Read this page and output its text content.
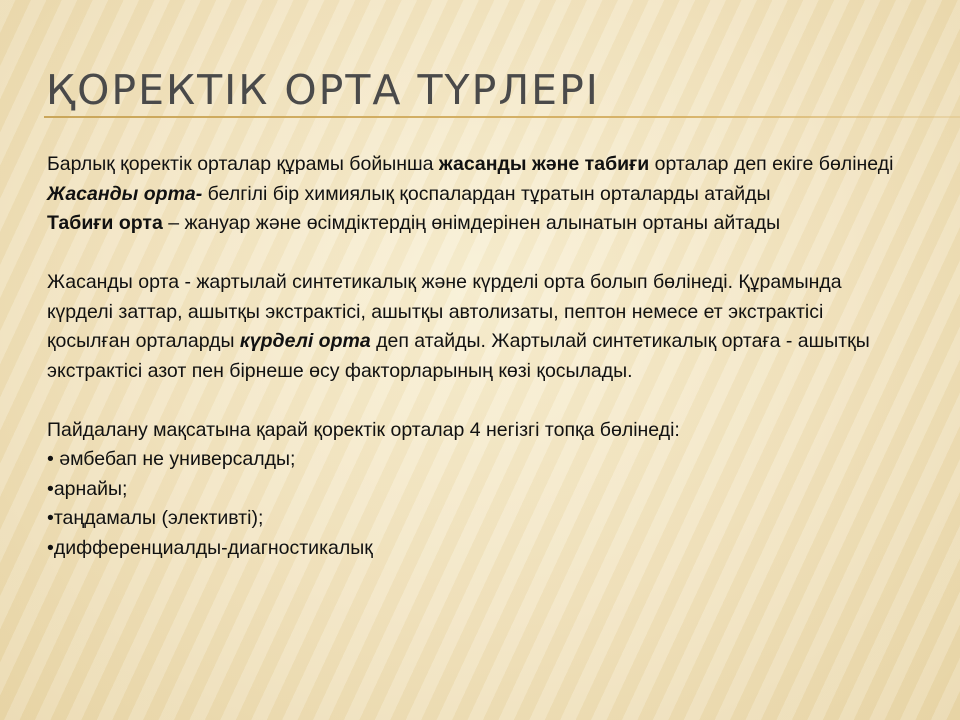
ҚОРЕКТІК ОРТА ТҮРЛЕРІ

Барлық қоректік орталар құрамы бойынша жасанды және табиғи орталар деп екіге бөлінеді

Жасанды орта- белгілі бір химиялық қоспалардан тұратын орталарды атайды

Табиғи орта – жануар және өсімдіктердің өнімдерінен алынатын ортаны айтады

Жасанды орта - жартылай синтетикалық және күрделі орта болып бөлінеді. Құрамында күрделі заттар, ашытқы экстрактісі, ашытқы автолизаты, пептон немесе ет экстрактісі қосылған орталарды күрделі орта деп атайды. Жартылай синтетикалық ортаға - ашытқы экстрактісі азот пен бірнеше өсу факторларының көзі қосылады.

Пайдалану мақсатына қарай қоректік орталар 4 негізгі топқа бөлінеді:

• әмбебап не универсалды;
•арнайы;
•таңдамалы (элективті);
•дифференциалды-диагностикалық
